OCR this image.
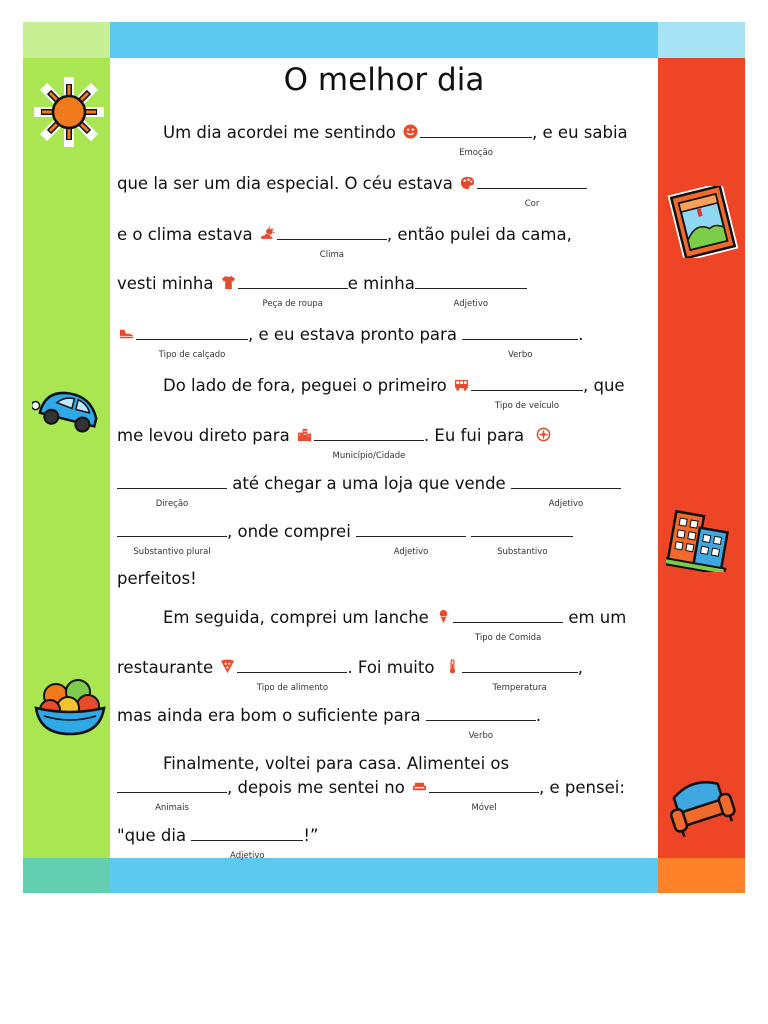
O melhor dia
Um dia acordei me sentindo
Emoção
, e eu sabia
que la ser um dia especial. O céu estava
Cor
e o clima estava
Clima
, então pulei da cama,
vesti minha
Peça de roupa
e minha
Adjetivo
Tipo de calçado
, e eu estava pronto para
Verbo
.
Do lado de fora, peguei o primeiro
Tipo de veículo
, que
me levou direto para
Município/Cidade
. Eu fui para
Direção
até chegar a uma loja que vende
Adjetivo
Substantivo plural
, onde comprei
Adjetivo
	Substantivo
perfeitos!
Em seguida, comprei um lanche
Tipo de Comida
em um
restaurante
Tipo de alimento
. Foi muito
Temperatura
,
mas ainda era bom o suficiente para
Verbo
.
Finalmente, voltei para casa. Alimentei os
Animais
, depois me sentei no
Móvel
, e pensei:
"que dia
Adjetivo
!”
